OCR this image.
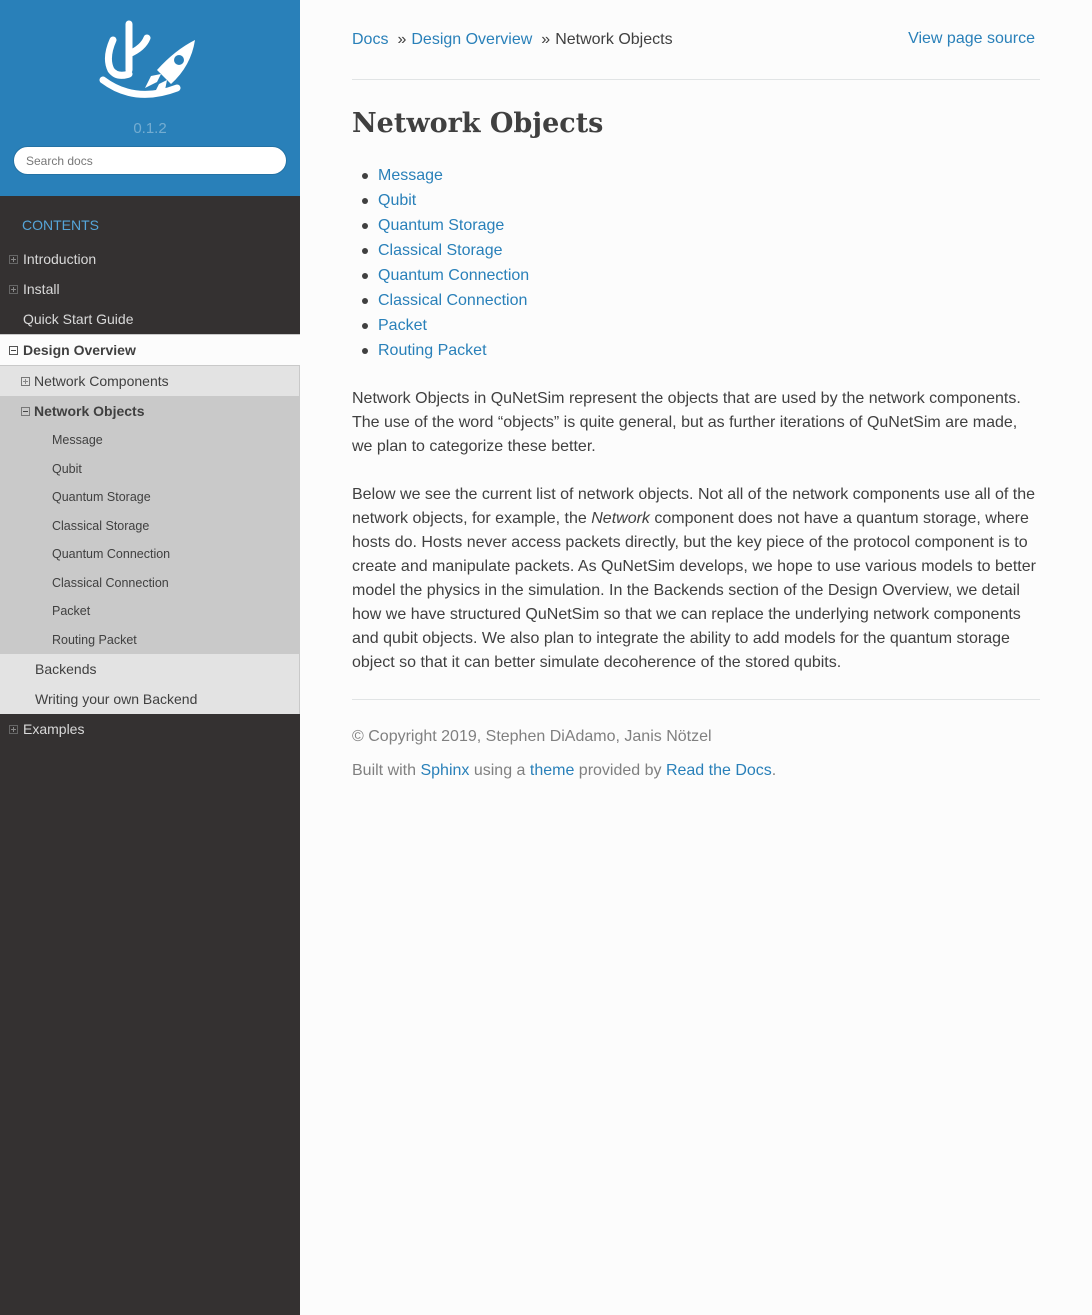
0.1.2
Search docs
CONTENTS
Introduction
Install
Quick Start Guide
Design Overview
Network Components
Network Objects
Message
Qubit
Quantum Storage
Classical Storage
Quantum Connection
Classical Connection
Packet
Routing Packet
Backends
Writing your own Backend
Examples
Docs » Design Overview » Network Objects	View page source
Network Objects
Message
Qubit
Quantum Storage
Classical Storage
Quantum Connection
Classical Connection
Packet
Routing Packet

Network Objects in QuNetSim represent the objects that are used by the network components. The use of the word “objects” is quite general, but as further iterations of QuNetSim are made, we plan to categorize these better.

Below we see the current list of network objects. Not all of the network components use all of the network objects, for example, the Network component does not have a quantum storage, where hosts do. Hosts never access packets directly, but the key piece of the protocol component is to create and manipulate packets. As QuNetSim develops, we hope to use various models to better model the physics in the simulation. In the Backends section of the Design Overview, we detail how we have structured QuNetSim so that we can replace the underlying network components and qubit objects. We also plan to integrate the ability to add models for the quantum storage object so that it can better simulate decoherence of the stored qubits.

© Copyright 2019, Stephen DiAdamo, Janis Nötzel
Built with Sphinx using a theme provided by Read the Docs.
